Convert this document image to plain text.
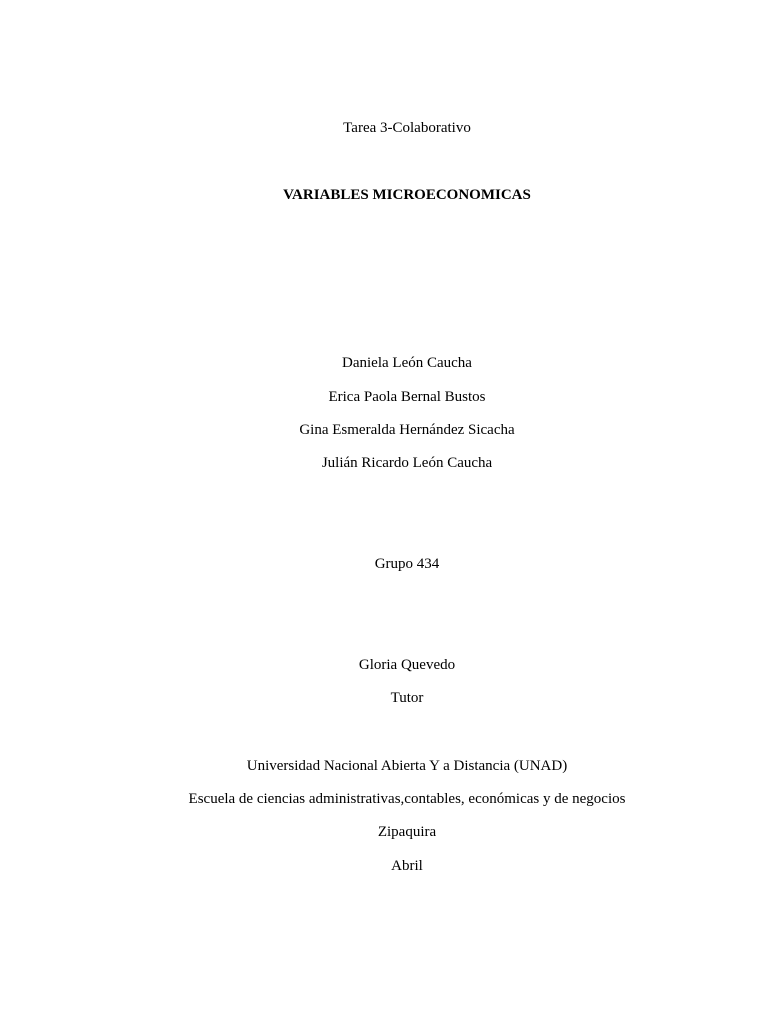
Tarea 3-Colaborativo
VARIABLES MICROECONOMICAS
Daniela León Caucha
Erica Paola Bernal Bustos
Gina Esmeralda Hernández Sicacha
Julián Ricardo León Caucha
Grupo 434
Gloria Quevedo
Tutor
Universidad Nacional Abierta Y a Distancia (UNAD)
Escuela de ciencias administrativas,contables, económicas y de negocios
Zipaquira
Abril
